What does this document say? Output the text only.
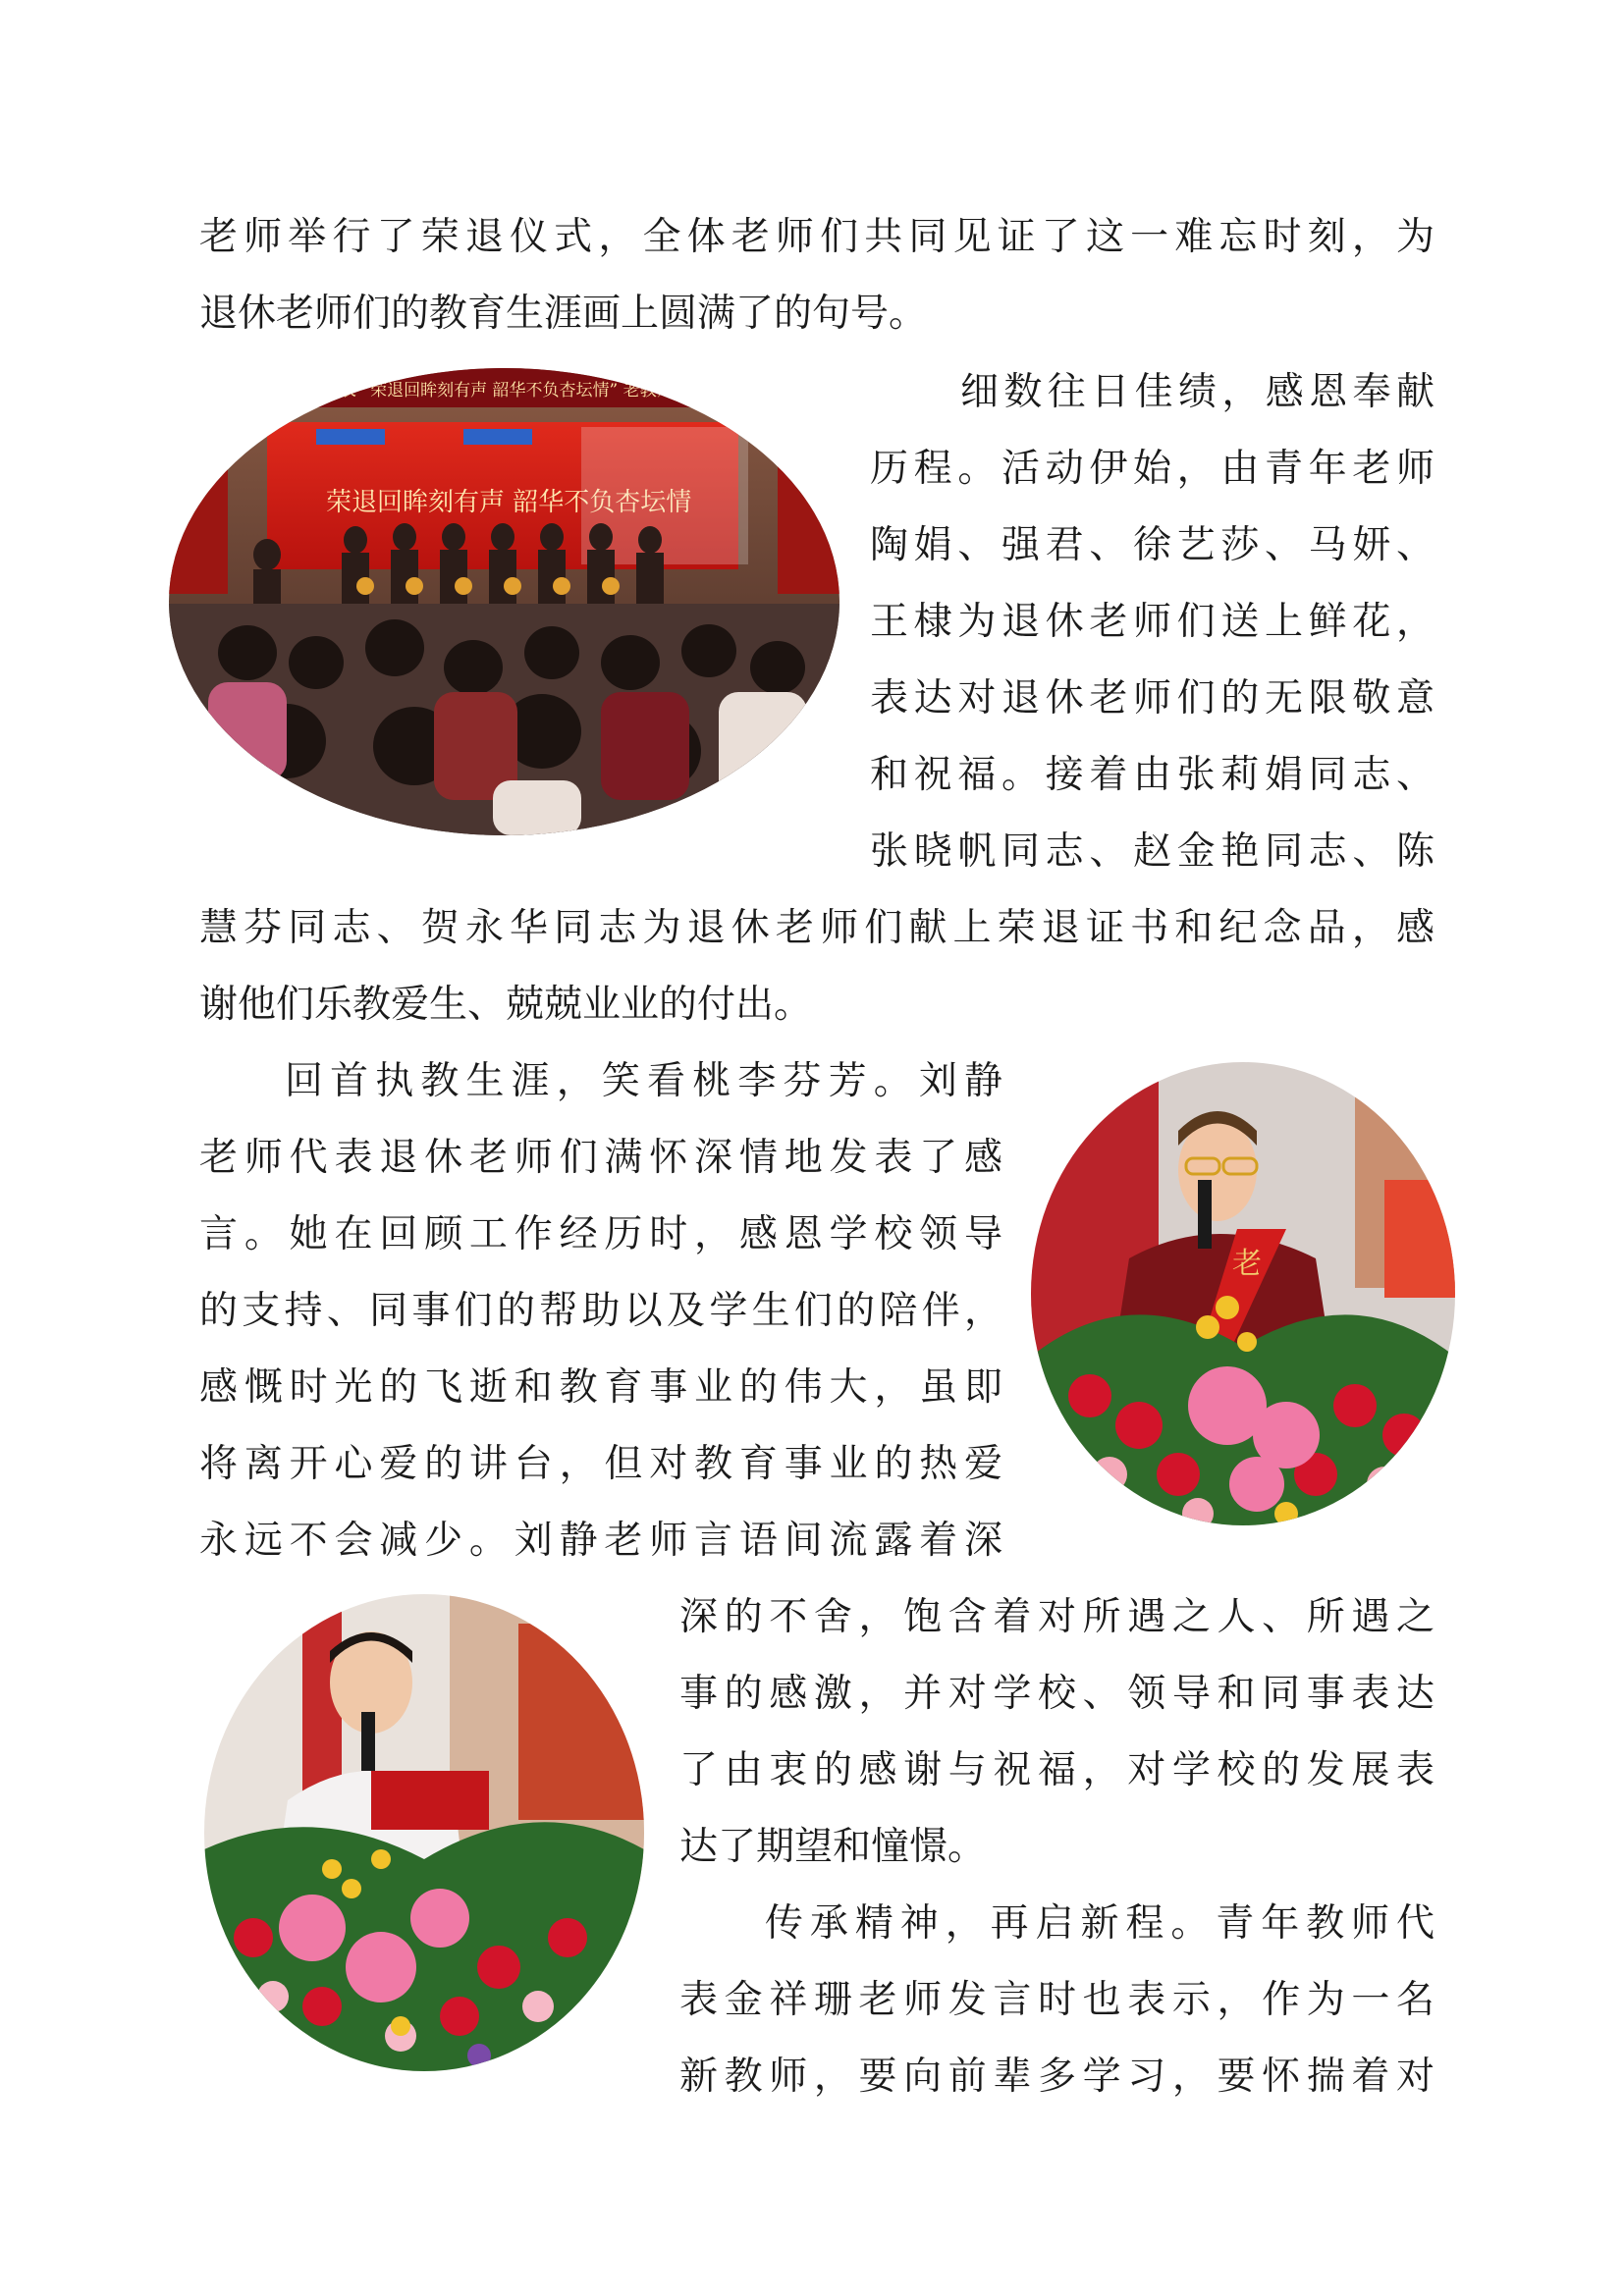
老师举行了荣退仪式，全体老师们共同见证了这一难忘时刻，为
退休老师们的教育生涯画上圆满了的句号。
细数往日佳绩，感恩奉献
历程。活动伊始，由青年老师
陶娟、强君、徐艺莎、马妍、
王棣为退休老师们送上鲜花，
表达对退休老师们的无限敬意
和祝福。接着由张莉娟同志、
张晓帆同志、赵金艳同志、陈
慧芬同志、贺永华同志为退休老师们献上荣退证书和纪念品，感
谢他们乐教爱生、兢兢业业的付出。
回首执教生涯，笑看桃李芬芳。刘静
老师代表退休老师们满怀深情地发表了感
言。她在回顾工作经历时，感恩学校领导
的支持、同事们的帮助以及学生们的陪伴，
感慨时光的飞逝和教育事业的伟大，虽即
将离开心爱的讲台，但对教育事业的热爱
永远不会减少。刘静老师言语间流露着深
深的不舍，饱含着对所遇之人、所遇之
事的感激，并对学校、领导和同事表达
了由衷的感谢与祝福，对学校的发展表
达了期望和憧憬。
传承精神，再启新程。青年教师代
表金祥珊老师发言时也表示，作为一名
新教师，要向前辈多学习，要怀揣着对
纪念表 “荣退回眸刻有声 韶华不负杏坛情” 老教师荣退仪
荣退回眸刻有声 韶华不负杏坛情
老
